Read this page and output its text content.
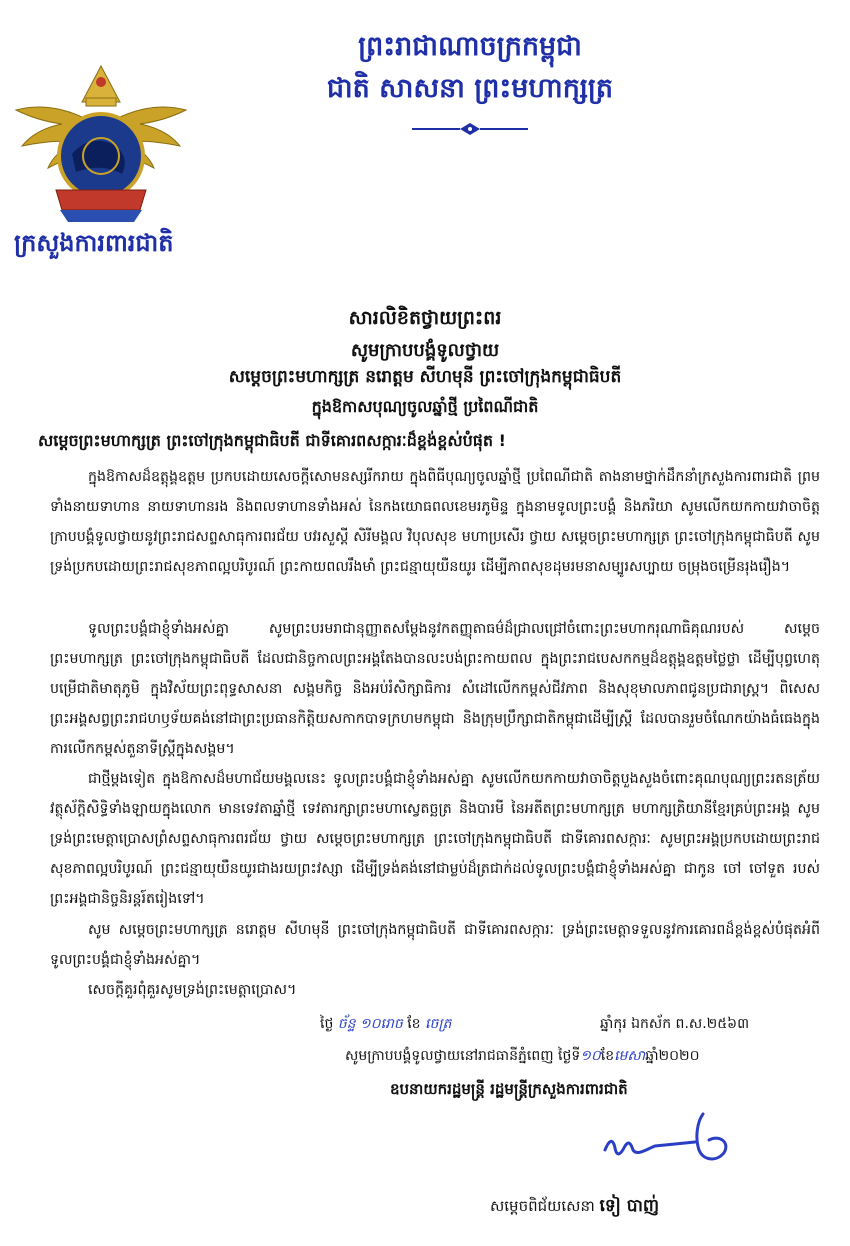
ព្រះរាជាណាចក្រកម្ពុជា
ជាតិ សាសនា ព្រះមហាក្សត្រ
ក្រសួងការពារជាតិ
សារលិខិតថ្វាយព្រះពរ
សូមក្រាបបង្គំទូលថ្វាយ
សម្តេចព្រះមហាក្សត្រ នរោត្តម សីហមុនី ព្រះចៅក្រុងកម្ពុជាធិបតី
ក្នុងឱកាសបុណ្យចូលឆ្នាំថ្មី ប្រពៃណីជាតិ
សម្តេចព្រះមហាក្សត្រ ព្រះចៅក្រុងកម្ពុជាធិបតី ជាទីគោរពសក្ការៈដ៏ខ្ពង់ខ្ពស់បំផុត !

ក្នុងឱកាសដ៏ឧត្តុង្គឧត្តម ប្រកបដោយសេចក្តីសោមនស្សរីករាយ ក្នុងពិធីបុណ្យចូលឆ្នាំថ្មី ប្រពៃណីជាតិ តាងនាមថ្នាក់ដឹកនាំក្រសួងការពារជាតិ ព្រមទាំងនាយទាហាន នាយទាហានរង និងពលទាហានទាំងអស់ នៃកងយោធពលខេមរភូមិន្ទ ក្នុងនាមទូលព្រះបង្គំ និងភរិយា សូមលើកយកកាយវាចាចិត្តក្រាបបង្គំទូលថ្វាយនូវព្រះរាជសព្ទសាធុការពរជ័យ បវរសួស្តី សិរីមង្គល វិបុលសុខ មហាប្រសើរ ថ្វាយ សម្តេចព្រះមហាក្សត្រ ព្រះចៅក្រុងកម្ពុជាធិបតី សូមទ្រង់ប្រកបដោយព្រះរាជសុខភាពល្អបរិបូរណ៍ ព្រះកាយពលរឹងមាំ ព្រះជន្មាយុយឺនយូរ ដើម្បីភាពសុខដុមរមនាសម្បូរសប្បាយ ចម្រុងចម្រើនរុងរឿង។

ទូលព្រះបង្គំជាខ្ញុំទាំងអស់គ្នា សូមព្រះបរមរាជានុញ្ញាតសម្តែងនូវកតញ្ញុតាធម៌ដ៏ជ្រាលជ្រៅចំពោះព្រះមហាករុណាធិគុណរបស់ សម្តេចព្រះមហាក្សត្រ ព្រះចៅក្រុងកម្ពុជាធិបតី ដែលជានិច្ចកាលព្រះអង្គតែងបានលះបង់ព្រះកាយពល ក្នុងព្រះរាជបេសកកម្មដ៏ឧត្តុង្គឧត្តមថ្លៃថ្លា ដើម្បីបុព្វហេតុបម្រើជាតិមាតុភូមិ ក្នុងវិស័យព្រះពុទ្ធសាសនា សង្គមកិច្ច និងអប់រំសិក្សាធិការ សំដៅលើកកម្ពស់ជីវភាព និងសុខុមាលភាពជូនប្រជារាស្ត្រ។ ពិសេសព្រះអង្គសព្វព្រះរាជហឫទ័យគង់នៅជាព្រះប្រធានកិត្តិយសកាកបាទក្រហមកម្ពុជា និងក្រុមប្រឹក្សាជាតិកម្ពុជាដើម្បីស្ត្រី ដែលបានរួមចំណែកយ៉ាងធំធេងក្នុងការលើកកម្ពស់តួនាទីស្ត្រីក្នុងសង្គម។

ជាថ្មីម្តងទៀត ក្នុងឱកាសដ៏មហាជ័យមង្គលនេះ ទូលព្រះបង្គំជាខ្ញុំទាំងអស់គ្នា សូមលើកយកកាយវាចាចិត្តបួងសួងចំពោះគុណបុណ្យព្រះរតនត្រ័យ វត្ថុស័ក្តិសិទ្ធិទាំងឡាយក្នុងលោក មានទេវតាឆ្នាំថ្មី ទេវតារក្សាព្រះមហាស្វេតច្ឆត្រ និងបារមី នៃអតីតព្រះមហាក្សត្រ មហាក្សត្រិយានីខ្មែរគ្រប់ព្រះអង្គ សូមទ្រង់ព្រះមេត្តាប្រោសព្រំសព្ទសាធុការពរជ័យ ថ្វាយ សម្តេចព្រះមហាក្សត្រ ព្រះចៅក្រុងកម្ពុជាធិបតី ជាទីគោរពសក្ការៈ សូមព្រះអង្គប្រកបដោយព្រះរាជសុខភាពល្អបរិបូរណ៍ ព្រះជន្មាយុយឺនយូរជាងរយព្រះវស្សា ដើម្បីទ្រង់គង់នៅជាម្លប់ដ៏ត្រជាក់ដល់ទូលព្រះបង្គំជាខ្ញុំទាំងអស់គ្នា ជាកូន ចៅ ចៅទួត របស់ព្រះអង្គជានិច្ចនិរន្តរ៍តរៀងទៅ។

សូម សម្តេចព្រះមហាក្សត្រ នរោត្តម សីហមុនី ព្រះចៅក្រុងកម្ពុជាធិបតី ជាទីគោរពសក្ការៈ ទ្រង់ព្រះមេត្តាទទួលនូវការគោរពដ៏ខ្ពង់ខ្ពស់បំផុតអំពីទូលព្រះបង្គំជាខ្ញុំទាំងអស់គ្នា។

សេចក្តីគួរពុំគួរសូមទ្រង់ព្រះមេត្តាប្រោស។

ថ្ងៃ ច័ន្ទ ១០រោច ខែ ចេត្រ	ឆ្នាំកុរ ឯកស័ក ព.ស.២៥៦៣
សូមក្រាបបង្គំទូលថ្វាយនៅរាជធានីភ្នំពេញ ថ្ងៃទី១០ខែមេសាឆ្នាំ២០២០
ឧបនាយករដ្ឋមន្ត្រី រដ្ឋមន្ត្រីក្រសួងការពារជាតិ
សម្តេចពិជ័យសេនា ទៀ បាញ់
